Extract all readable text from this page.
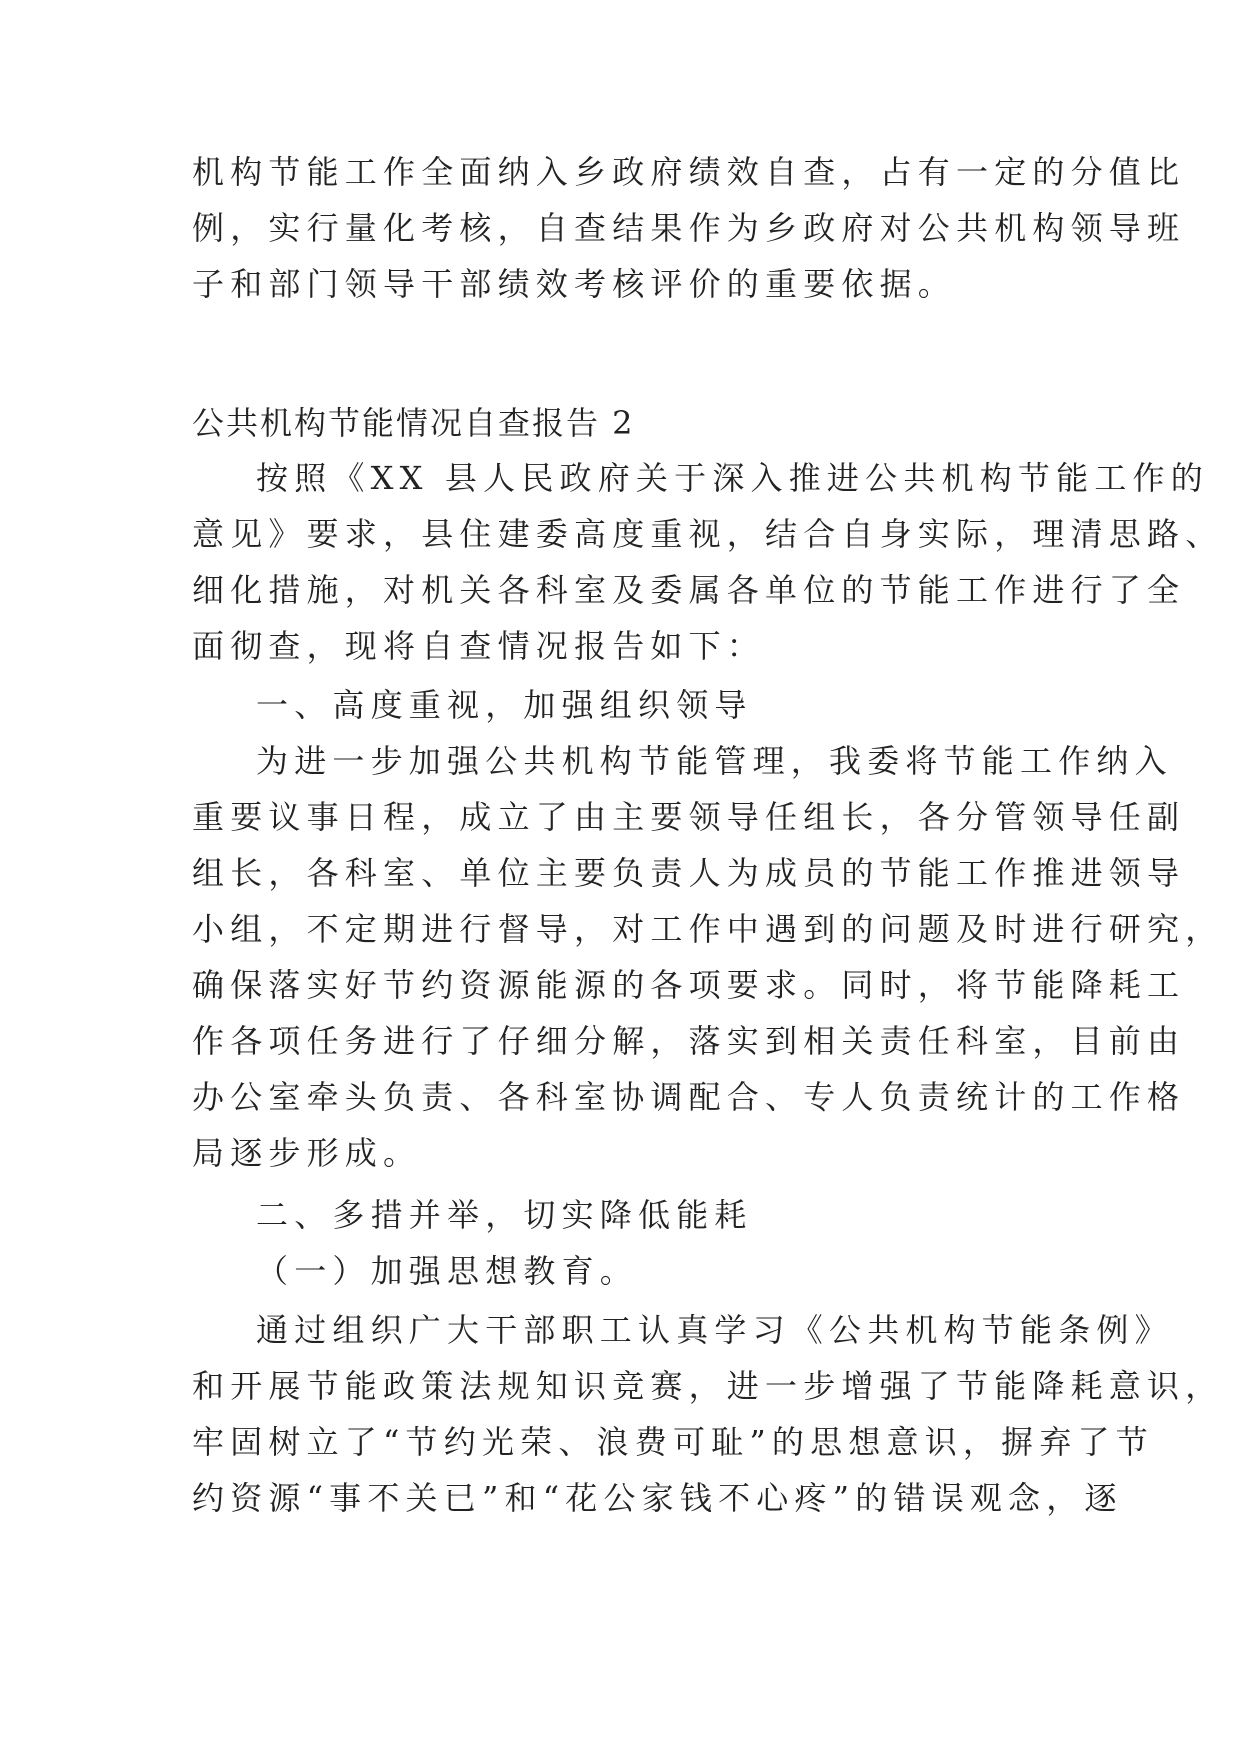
机构节能工作全面纳入乡政府绩效自查，占有一定的分值比
例，实行量化考核，自查结果作为乡政府对公共机构领导班
子和部门领导干部绩效考核评价的重要依据。
公共机构节能情况自查报告 2
按照《XX 县人民政府关于深入推进公共机构节能工作的
意见》要求，县住建委高度重视，结合自身实际，理清思路、
细化措施，对机关各科室及委属各单位的节能工作进行了全
面彻查，现将自查情况报告如下：
一、高度重视，加强组织领导
为进一步加强公共机构节能管理，我委将节能工作纳入
重要议事日程，成立了由主要领导任组长，各分管领导任副
组长，各科室、单位主要负责人为成员的节能工作推进领导
小组，不定期进行督导，对工作中遇到的问题及时进行研究，
确保落实好节约资源能源的各项要求。同时，将节能降耗工
作各项任务进行了仔细分解，落实到相关责任科室，目前由
办公室牵头负责、各科室协调配合、专人负责统计的工作格
局逐步形成。
二、多措并举，切实降低能耗
（一）加强思想教育。
通过组织广大干部职工认真学习《公共机构节能条例》
和开展节能政策法规知识竞赛，进一步增强了节能降耗意识，
牢固树立了“节约光荣、浪费可耻”的思想意识，摒弃了节
约资源“事不关已”和“花公家钱不心疼”的错误观念，逐
